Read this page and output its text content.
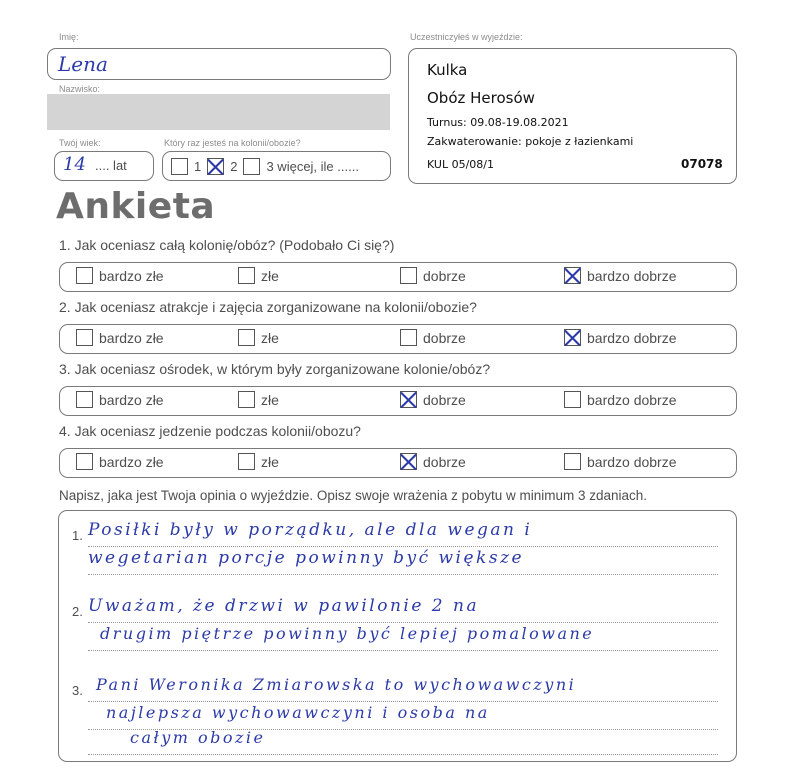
Imię:
Lena
Nazwisko:
Twój wiek:
14 .... lat
Który raz jesteś na kolonii/obozie?
1 2 3 więcej, ile ......
Uczestniczyłeś w wyjeździe:
Kulka
Obóz Herosów
Turnus: 09.08-19.08.2021
Zakwaterowanie: pokoje z łazienkami
KUL 05/08/1	07078
Ankieta
1. Jak oceniasz całą kolonię/obóz? (Podobało Ci się?)
bardzo złe	złe	dobrze	bardzo dobrze
2. Jak oceniasz atrakcje i zajęcia zorganizowane na kolonii/obozie?
bardzo złe	złe	dobrze	bardzo dobrze
3. Jak oceniasz ośrodek, w którym były zorganizowane kolonie/obóz?
bardzo złe	złe	dobrze	bardzo dobrze
4. Jak oceniasz jedzenie podczas kolonii/obozu?
bardzo złe	złe	dobrze	bardzo dobrze
Napisz, jaka jest Twoja opinia o wyjeździe. Opisz swoje wrażenia z pobytu w minimum 3 zdaniach.
1. Posiłki były w porządku, ale dla wegan i
wegetarian porcje powinny być większe
2. Uważam, że drzwi w pawilonie 2 na
drugim piętrze powinny być lepiej pomalowane
3. Pani Weronika Zmiarowska to wychowawczyni
najlepsza wychowawczyni i osoba na
całym obozie
